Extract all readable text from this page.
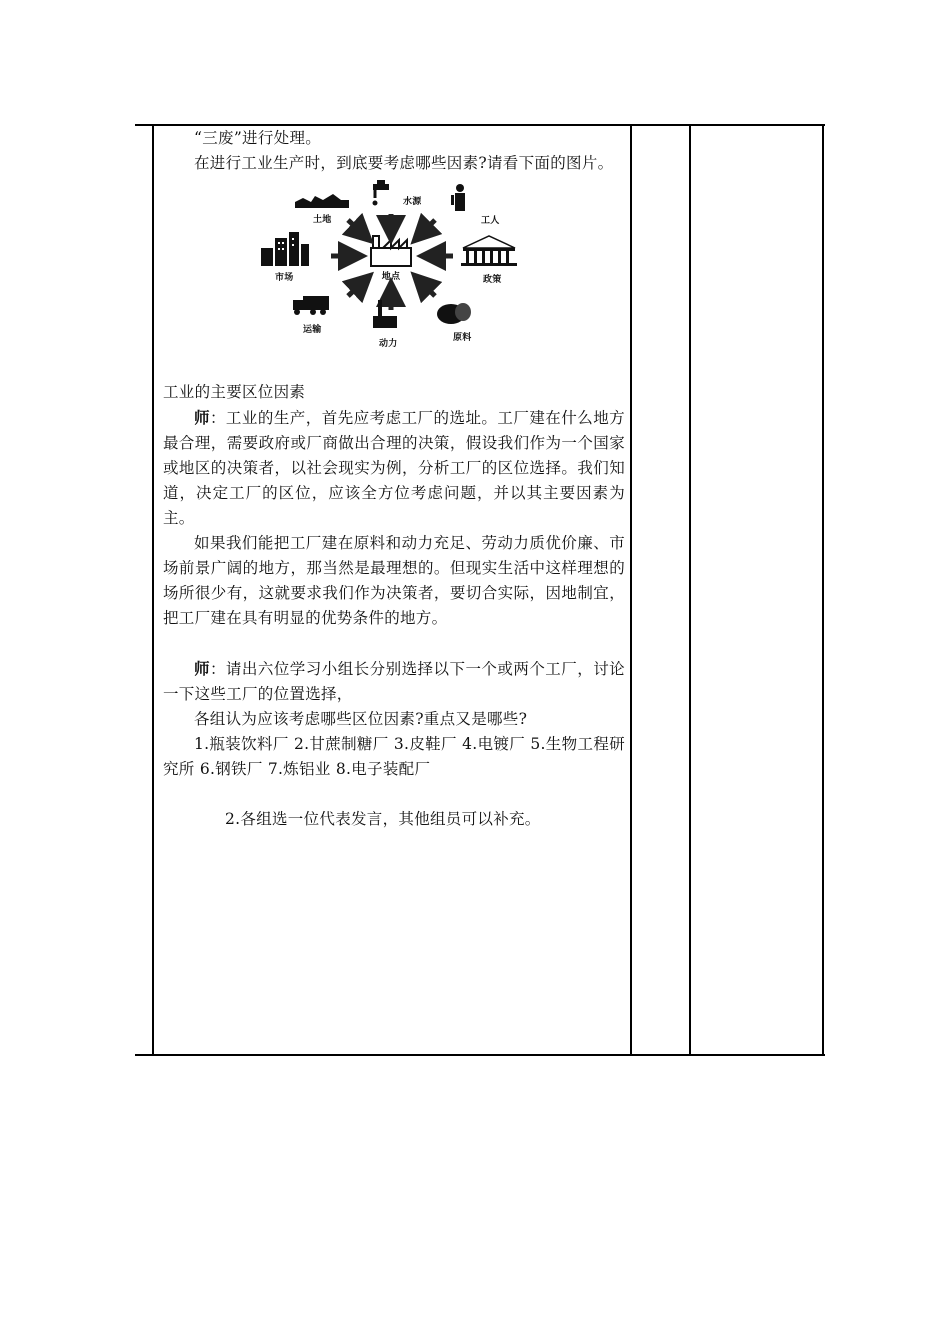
“三废”进行处理。

在进行工业生产时，到底要考虑哪些因素?请看下面的图片。

地点
水源
土地	工人
市场	政策
运输
动力
原料

工业的主要区位因素

师：工业的生产，首先应考虑工厂的选址。工厂建在什么地方最合理，需要政府或厂商做出合理的决策，假设我们作为一个国家或地区的决策者，以社会现实为例，分析工厂的区位选择。我们知道，决定工厂的区位，应该全方位考虑问题，并以其主要因素为主。

如果我们能把工厂建在原料和动力充足、劳动力质优价廉、市场前景广阔的地方，那当然是最理想的。但现实生活中这样理想的场所很少有，这就要求我们作为决策者，要切合实际，因地制宜，把工厂建在具有明显的优势条件的地方。

师：请出六位学习小组长分别选择以下一个或两个工厂，讨论一下这些工厂的位置选择，

各组认为应该考虑哪些区位因素?重点又是哪些?

1.瓶装饮料厂 2.甘蔗制糖厂 3.皮鞋厂 4.电镀厂 5.生物工程研究所 6.钢铁厂 7.炼铝业 8.电子装配厂

2.各组选一位代表发言，其他组员可以补充。
